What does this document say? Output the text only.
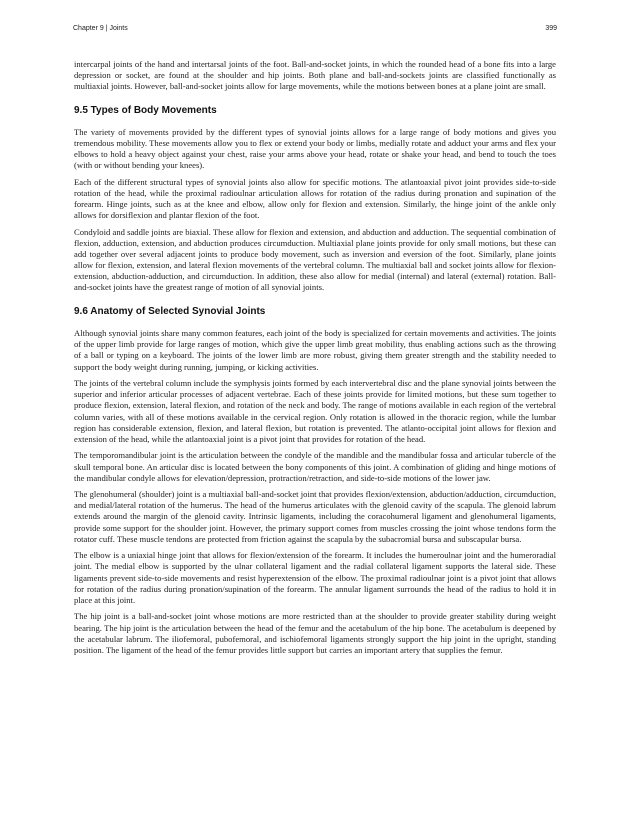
Chapter 9 | Joints	399

intercarpal joints of the hand and intertarsal joints of the foot. Ball-and-socket joints, in which the rounded head of a bone fits into a large depression or socket, are found at the shoulder and hip joints. Both plane and ball-and-sockets joints are classified functionally as multiaxial joints. However, ball-and-socket joints allow for large movements, while the motions between bones at a plane joint are small.

9.5 Types of Body Movements

The variety of movements provided by the different types of synovial joints allows for a large range of body motions and gives you tremendous mobility. These movements allow you to flex or extend your body or limbs, medially rotate and adduct your arms and flex your elbows to hold a heavy object against your chest, raise your arms above your head, rotate or shake your head, and bend to touch the toes (with or without bending your knees).

Each of the different structural types of synovial joints also allow for specific motions. The atlantoaxial pivot joint provides side-to-side rotation of the head, while the proximal radioulnar articulation allows for rotation of the radius during pronation and supination of the forearm. Hinge joints, such as at the knee and elbow, allow only for flexion and extension. Similarly, the hinge joint of the ankle only allows for dorsiflexion and plantar flexion of the foot.

Condyloid and saddle joints are biaxial. These allow for flexion and extension, and abduction and adduction. The sequential combination of flexion, adduction, extension, and abduction produces circumduction. Multiaxial plane joints provide for only small motions, but these can add together over several adjacent joints to produce body movement, such as inversion and eversion of the foot. Similarly, plane joints allow for flexion, extension, and lateral flexion movements of the vertebral column. The multiaxial ball and socket joints allow for flexion-extension, abduction-adduction, and circumduction. In addition, these also allow for medial (internal) and lateral (external) rotation. Ball-and-socket joints have the greatest range of motion of all synovial joints.

9.6 Anatomy of Selected Synovial Joints

Although synovial joints share many common features, each joint of the body is specialized for certain movements and activities. The joints of the upper limb provide for large ranges of motion, which give the upper limb great mobility, thus enabling actions such as the throwing of a ball or typing on a keyboard. The joints of the lower limb are more robust, giving them greater strength and the stability needed to support the body weight during running, jumping, or kicking activities.

The joints of the vertebral column include the symphysis joints formed by each intervertebral disc and the plane synovial joints between the superior and inferior articular processes of adjacent vertebrae. Each of these joints provide for limited motions, but these sum together to produce flexion, extension, lateral flexion, and rotation of the neck and body. The range of motions available in each region of the vertebral column varies, with all of these motions available in the cervical region. Only rotation is allowed in the thoracic region, while the lumbar region has considerable extension, flexion, and lateral flexion, but rotation is prevented. The atlanto-occipital joint allows for flexion and extension of the head, while the atlantoaxial joint is a pivot joint that provides for rotation of the head.

The temporomandibular joint is the articulation between the condyle of the mandible and the mandibular fossa and articular tubercle of the skull temporal bone. An articular disc is located between the bony components of this joint. A combination of gliding and hinge motions of the mandibular condyle allows for elevation/depression, protraction/retraction, and side-to-side motions of the lower jaw.

The glenohumeral (shoulder) joint is a multiaxial ball-and-socket joint that provides flexion/extension, abduction/adduction, circumduction, and medial/lateral rotation of the humerus. The head of the humerus articulates with the glenoid cavity of the scapula. The glenoid labrum extends around the margin of the glenoid cavity. Intrinsic ligaments, including the coracohumeral ligament and glenohumeral ligaments, provide some support for the shoulder joint. However, the primary support comes from muscles crossing the joint whose tendons form the rotator cuff. These muscle tendons are protected from friction against the scapula by the subacromial bursa and subscapular bursa.

The elbow is a uniaxial hinge joint that allows for flexion/extension of the forearm. It includes the humeroulnar joint and the humeroradial joint. The medial elbow is supported by the ulnar collateral ligament and the radial collateral ligament supports the lateral side. These ligaments prevent side-to-side movements and resist hyperextension of the elbow. The proximal radioulnar joint is a pivot joint that allows for rotation of the radius during pronation/supination of the forearm. The annular ligament surrounds the head of the radius to hold it in place at this joint.

The hip joint is a ball-and-socket joint whose motions are more restricted than at the shoulder to provide greater stability during weight bearing. The hip joint is the articulation between the head of the femur and the acetabulum of the hip bone. The acetabulum is deepened by the acetabular labrum. The iliofemoral, pubofemoral, and ischiofemoral ligaments strongly support the hip joint in the upright, standing position. The ligament of the head of the femur provides little support but carries an important artery that supplies the femur.
